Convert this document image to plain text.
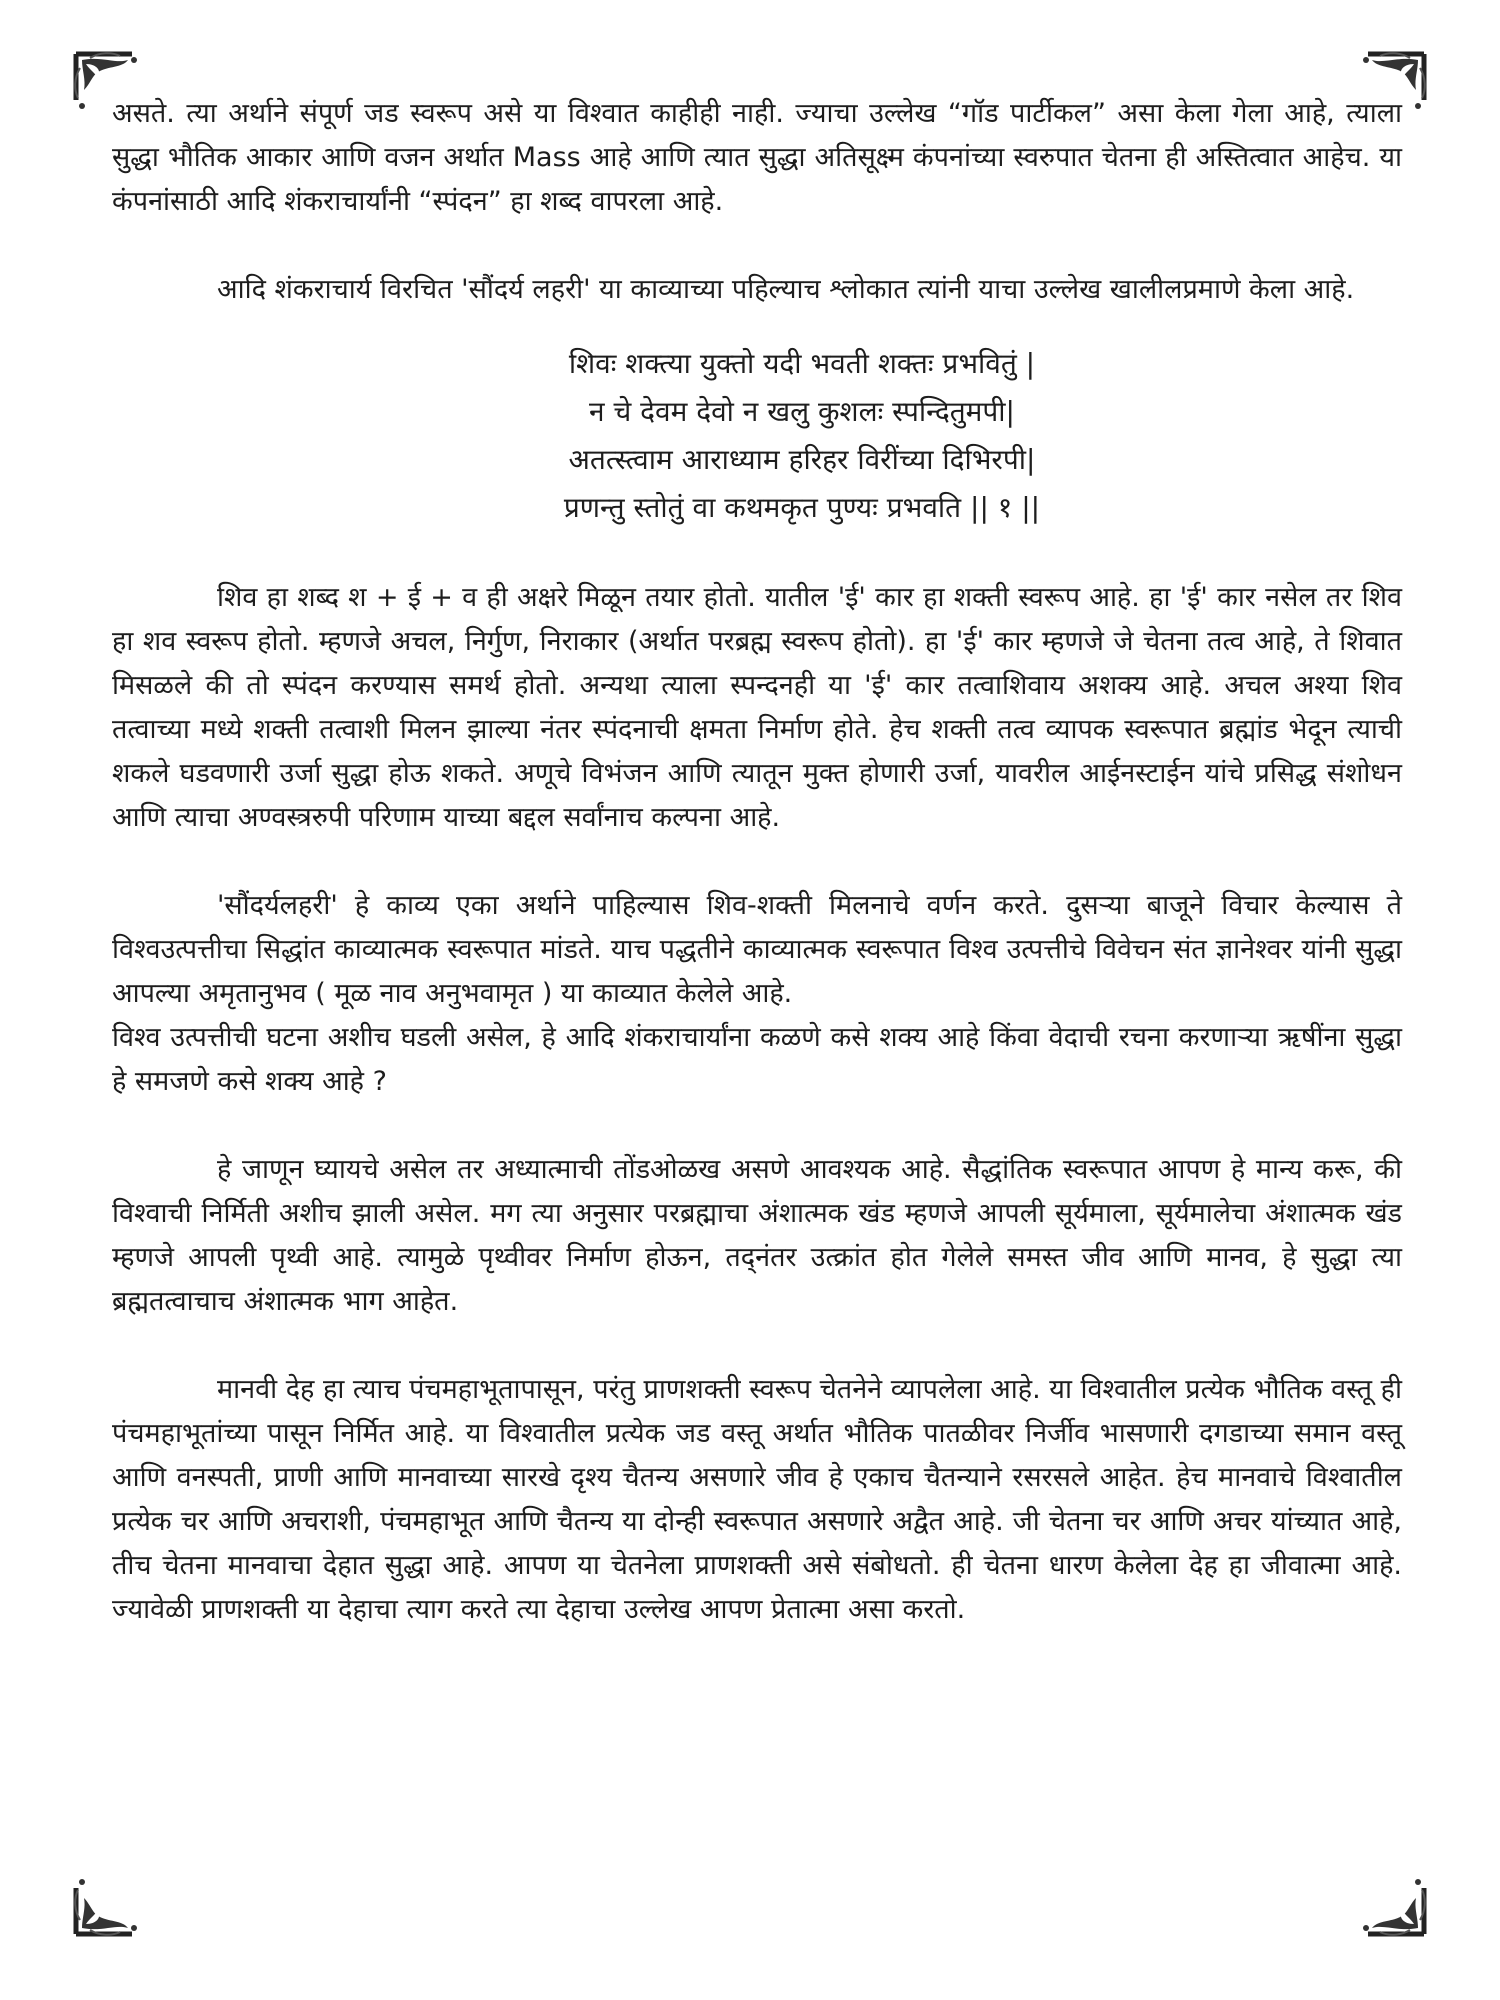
असते. त्या अर्थाने संपूर्ण जड स्वरूप असे या विश्वात काहीही नाही. ज्याचा उल्लेख “गॉड पार्टीकल” असा केला गेला आहे, त्याला सुद्धा भौतिक आकार आणि वजन अर्थात Mass आहे आणि त्यात सुद्धा अतिसूक्ष्म कंपनांच्या स्वरुपात चेतना ही अस्तित्वात आहेच. या कंपनांसाठी आदि शंकराचार्यांनी “स्पंदन” हा शब्द वापरला आहे.

आदि शंकराचार्य विरचित 'सौंदर्य लहरी' या काव्याच्या पहिल्याच श्लोकात त्यांनी याचा उल्लेख खालीलप्रमाणे केला आहे.

शिवः शक्त्या युक्तो यदी भवती शक्तः प्रभवितुं |
न चे देवम देवो न खलु कुशलः स्पन्दितुमपी|
अतत्स्त्वाम आराध्याम हरिहर विरींच्या दिभिरपी|
प्रणन्तु स्तोतुं वा कथमकृत पुण्यः प्रभवति || १ ||

शिव हा शब्द श + ई + व ही अक्षरे मिळून तयार होतो. यातील 'ई' कार हा शक्ती स्वरूप आहे. हा 'ई' कार नसेल तर शिव हा शव स्वरूप होतो. म्हणजे अचल, निर्गुण, निराकार (अर्थात परब्रह्म स्वरूप होतो). हा 'ई' कार म्हणजे जे चेतना तत्व आहे, ते शिवात मिसळले की तो स्पंदन करण्यास समर्थ होतो. अन्यथा त्याला स्पन्दनही या 'ई' कार तत्वाशिवाय अशक्य आहे. अचल अश्या शिव तत्वाच्या मध्ये शक्ती तत्वाशी मिलन झाल्या नंतर स्पंदनाची क्षमता निर्माण होते. हेच शक्ती तत्व व्यापक स्वरूपात ब्रह्मांड भेदून त्याची शकले घडवणारी उर्जा सुद्धा होऊ शकते. अणूचे विभंजन आणि त्यातून मुक्त होणारी उर्जा, यावरील आईनस्टाईन यांचे प्रसिद्ध संशोधन आणि त्याचा अण्वस्त्ररुपी परिणाम याच्या बद्दल सर्वांनाच कल्पना आहे.

'सौंदर्यलहरी' हे काव्य एका अर्थाने पाहिल्यास शिव-शक्ती मिलनाचे वर्णन करते. दुसऱ्या बाजूने विचार केल्यास ते विश्वउत्पत्तीचा सिद्धांत काव्यात्मक स्वरूपात मांडते. याच पद्धतीने काव्यात्मक स्वरूपात विश्व उत्पत्तीचे विवेचन संत ज्ञानेश्वर यांनी सुद्धा आपल्या अमृतानुभव ( मूळ नाव अनुभवामृत ) या काव्यात केलेले आहे.

विश्व उत्पत्तीची घटना अशीच घडली असेल, हे आदि शंकराचार्यांना कळणे कसे शक्य आहे किंवा वेदाची रचना करणाऱ्या ऋषींना सुद्धा हे समजणे कसे शक्य आहे ?

हे जाणून घ्यायचे असेल तर अध्यात्माची तोंडओळख असणे आवश्यक आहे. सैद्धांतिक स्वरूपात आपण हे मान्य करू, की विश्वाची निर्मिती अशीच झाली असेल. मग त्या अनुसार परब्रह्माचा अंशात्मक खंड म्हणजे आपली सूर्यमाला, सूर्यमालेचा अंशात्मक खंड म्हणजे आपली पृथ्वी आहे. त्यामुळे पृथ्वीवर निर्माण होऊन, तद्नंतर उत्क्रांत होत गेलेले समस्त जीव आणि मानव, हे सुद्धा त्या ब्रह्मतत्वाचाच अंशात्मक भाग आहेत.

मानवी देह हा त्याच पंचमहाभूतापासून, परंतु प्राणशक्ती स्वरूप चेतनेने व्यापलेला आहे. या विश्वातील प्रत्येक भौतिक वस्तू ही पंचमहाभूतांच्या पासून निर्मित आहे. या विश्वातील प्रत्येक जड वस्तू अर्थात भौतिक पातळीवर निर्जीव भासणारी दगडाच्या समान वस्तू आणि वनस्पती, प्राणी आणि मानवाच्या सारखे दृश्य चैतन्य असणारे जीव हे एकाच चैतन्याने रसरसले आहेत. हेच मानवाचे विश्वातील प्रत्येक चर आणि अचराशी, पंचमहाभूत आणि चैतन्य या दोन्ही स्वरूपात असणारे अद्वैत आहे. जी चेतना चर आणि अचर यांच्यात आहे, तीच चेतना मानवाचा देहात सुद्धा आहे. आपण या चेतनेला प्राणशक्ती असे संबोधतो. ही चेतना धारण केलेला देह हा जीवात्मा आहे. ज्यावेळी प्राणशक्ती या देहाचा त्याग करते त्या देहाचा उल्लेख आपण प्रेतात्मा असा करतो.
